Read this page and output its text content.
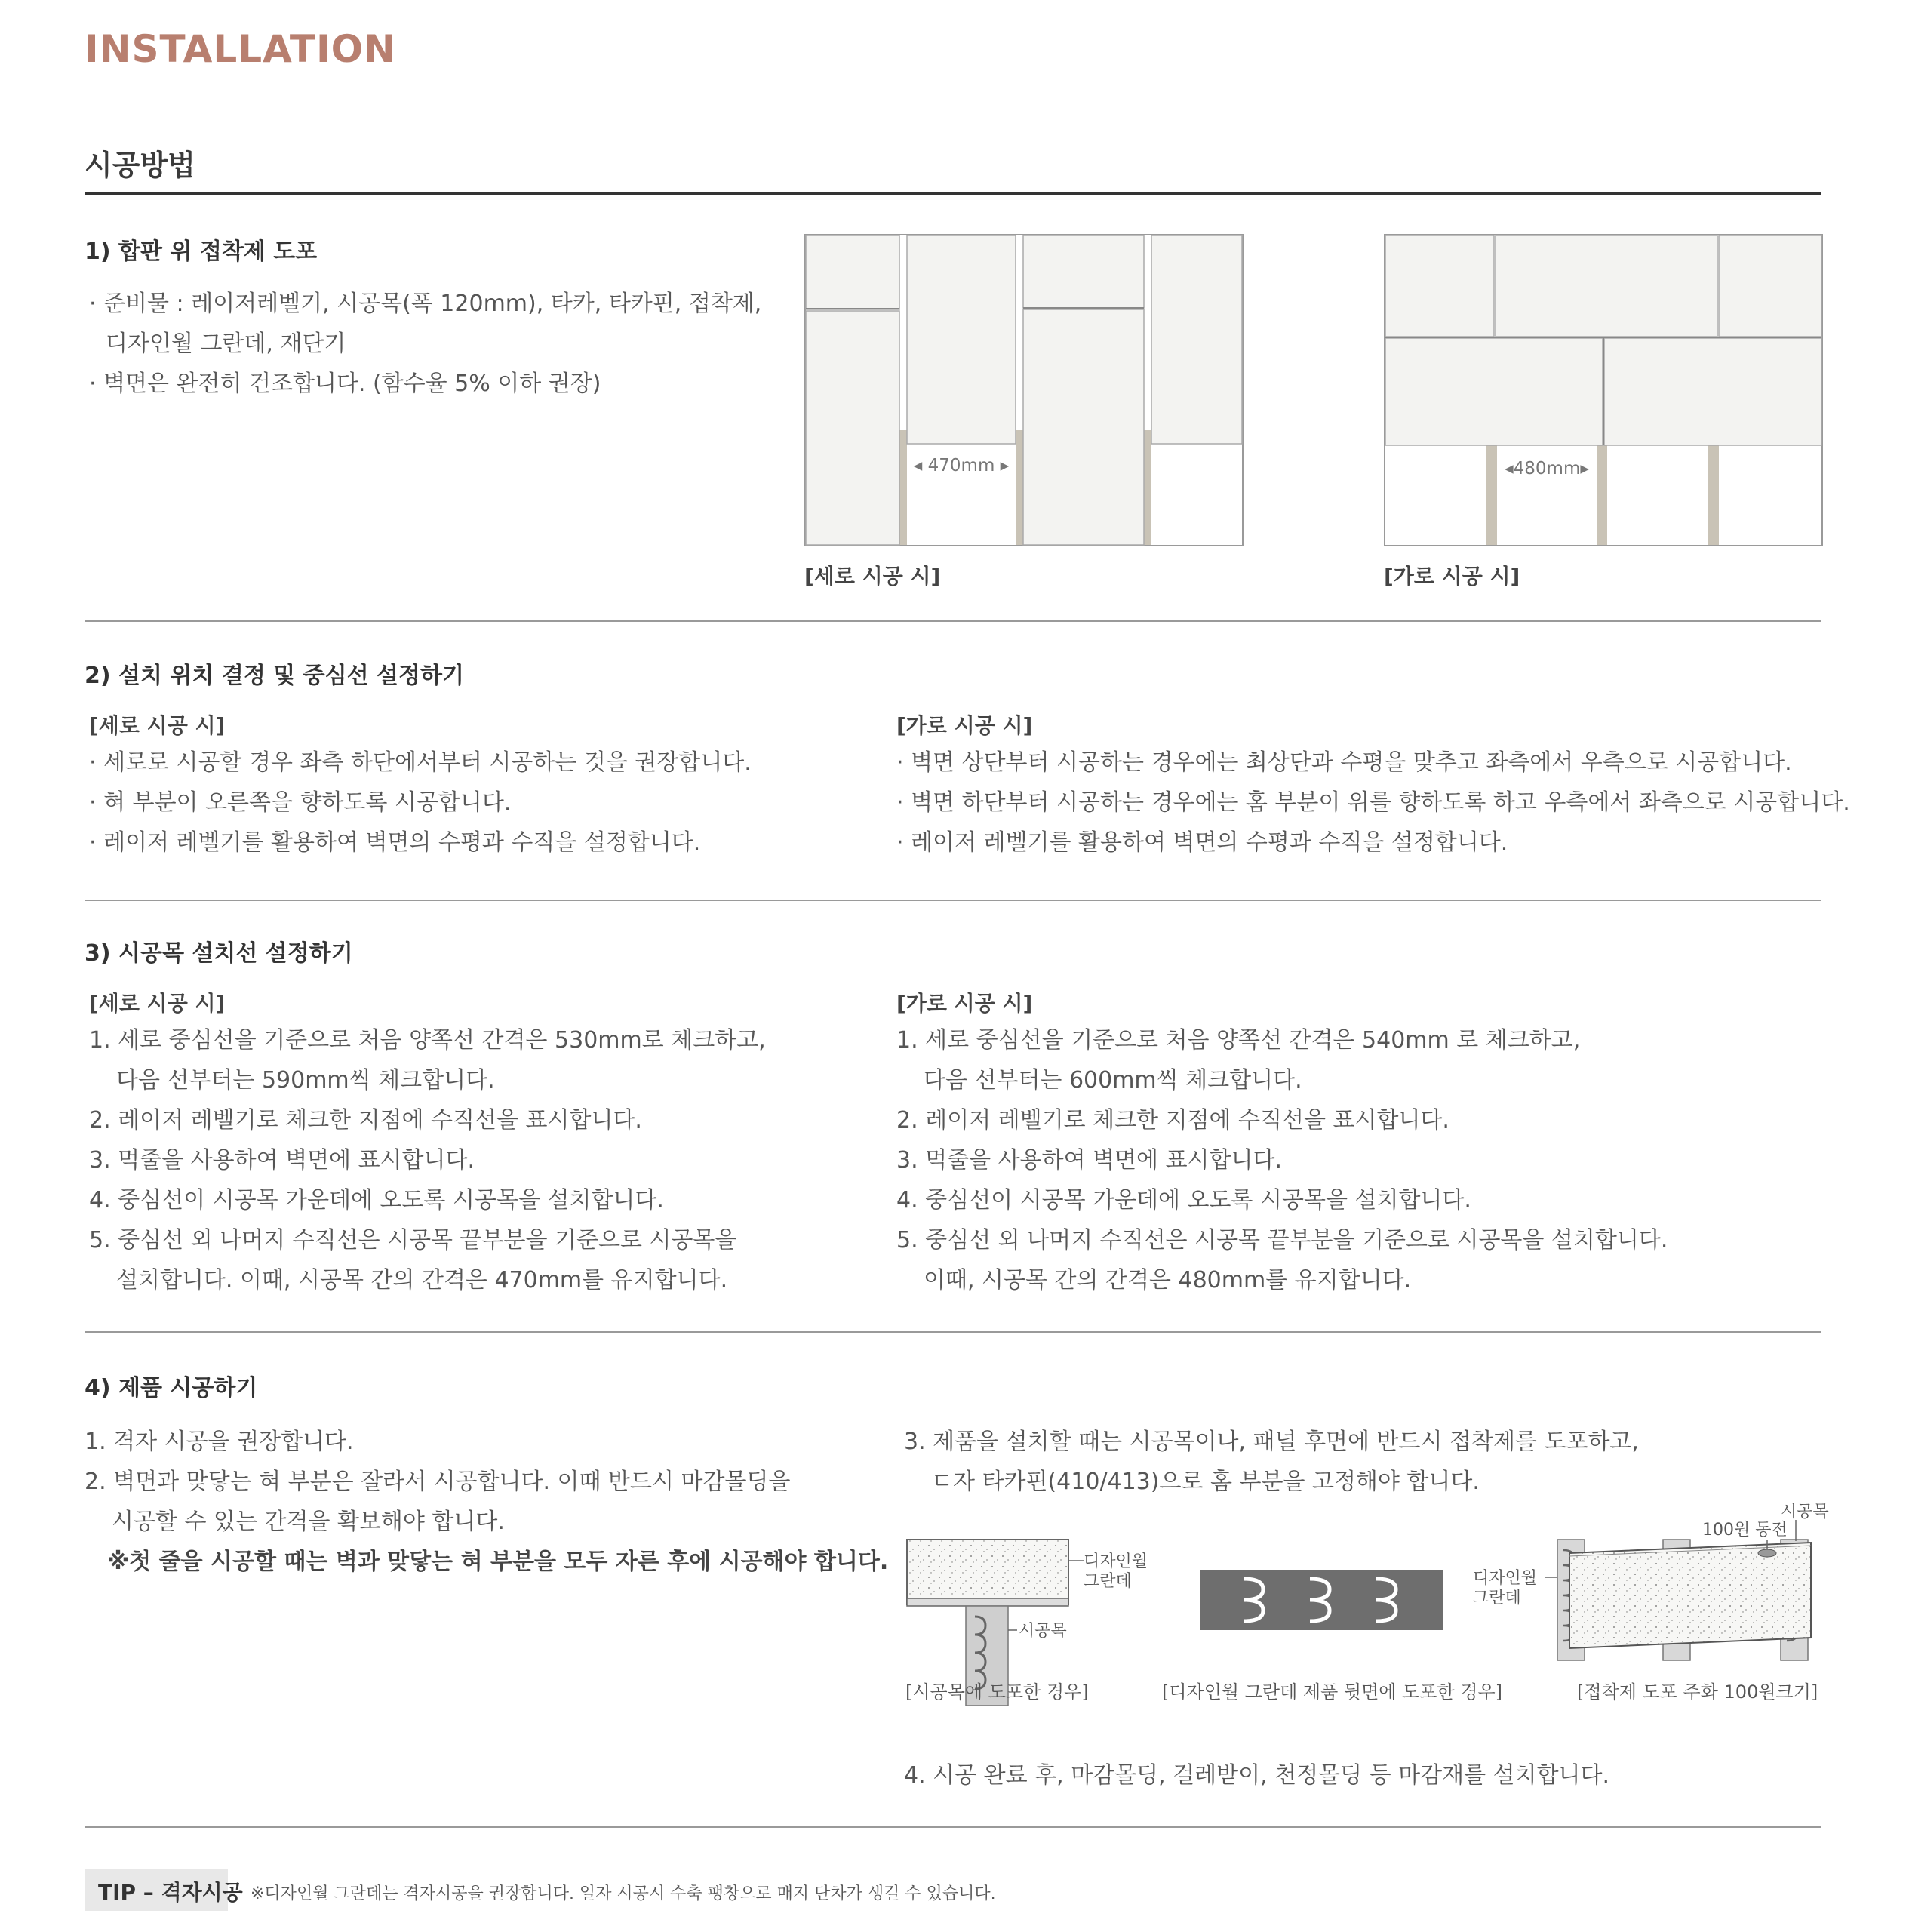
INSTALLATION
시공방법
1) 합판 위 접착제 도포
· 준비물 : 레이저레벨기, 시공목(폭 120mm), 타카, 타카핀, 접착제,
디자인월 그란데, 재단기
· 벽면은 완전히 건조합니다. (함수율 5% 이하 권장)
◂ 470mm ▸
[세로 시공 시]
◂480mm▸
[가로 시공 시]
2) 설치 위치 결정 및 중심선 설정하기
[세로 시공 시]
· 세로로 시공할 경우 좌측 하단에서부터 시공하는 것을 권장합니다.
· 혀 부분이 오른쪽을 향하도록 시공합니다.
· 레이저 레벨기를 활용하여 벽면의 수평과 수직을 설정합니다.
[가로 시공 시]
· 벽면 상단부터 시공하는 경우에는 최상단과 수평을 맞추고 좌측에서 우측으로 시공합니다.
· 벽면 하단부터 시공하는 경우에는 홈 부분이 위를 향하도록 하고 우측에서 좌측으로 시공합니다.
· 레이저 레벨기를 활용하여 벽면의 수평과 수직을 설정합니다.
3) 시공목 설치선 설정하기
[세로 시공 시]
1. 세로 중심선을 기준으로 처음 양쪽선 간격은 530mm로 체크하고,
다음 선부터는 590mm씩 체크합니다.
2. 레이저 레벨기로 체크한 지점에 수직선을 표시합니다.
3. 먹줄을 사용하여 벽면에 표시합니다.
4. 중심선이 시공목 가운데에 오도록 시공목을 설치합니다.
5. 중심선 외 나머지 수직선은 시공목 끝부분을 기준으로 시공목을
설치합니다. 이때, 시공목 간의 간격은 470mm를 유지합니다.
[가로 시공 시]
1. 세로 중심선을 기준으로 처음 양쪽선 간격은 540mm 로 체크하고,
다음 선부터는 600mm씩 체크합니다.
2. 레이저 레벨기로 체크한 지점에 수직선을 표시합니다.
3. 먹줄을 사용하여 벽면에 표시합니다.
4. 중심선이 시공목 가운데에 오도록 시공목을 설치합니다.
5. 중심선 외 나머지 수직선은 시공목 끝부분을 기준으로 시공목을 설치합니다.
이때, 시공목 간의 간격은 480mm를 유지합니다.
4) 제품 시공하기
1. 격자 시공을 권장합니다.
2. 벽면과 맞닿는 혀 부분은 잘라서 시공합니다. 이때 반드시 마감몰딩을
시공할 수 있는 간격을 확보해야 합니다.
※첫 줄을 시공할 때는 벽과 맞닿는 혀 부분을 모두 자른 후에 시공해야 합니다.
3. 제품을 설치할 때는 시공목이나, 패널 후면에 반드시 접착제를 도포하고,
ㄷ자 타카핀(410/413)으로 홈 부분을 고정해야 합니다.
디자인월
그란데
시공목
[시공목에 도포한 경우]	[디자인월 그란데 제품 뒷면에 도포한 경우]
시공목
100원 동전
디자인월
그란데
[접착제 도포 주화 100원크기]
4. 시공 완료 후, 마감몰딩, 걸레받이, 천정몰딩 등 마감재를 설치합니다.
TIP – 격자시공 ※디자인월 그란데는 격자시공을 권장합니다. 일자 시공시 수축 팽창으로 매지 단차가 생길 수 있습니다.
